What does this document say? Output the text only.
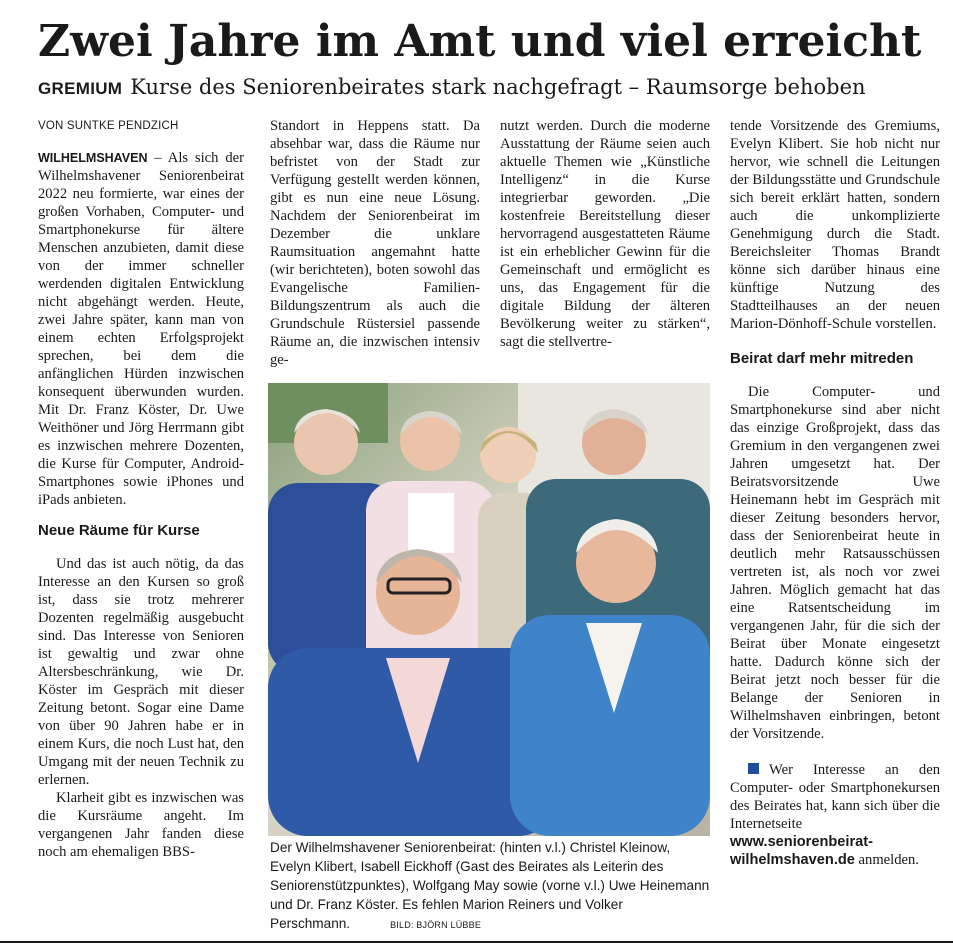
Zwei Jahre im Amt und viel erreicht
GREMIUM Kurse des Seniorenbeirates stark nachgefragt – Raumsorge behoben
VON SUNTKE PENDZICH

WILHELMSHAVEN – Als sich der Wilhelmshavener Seniorenbeirat 2022 neu formierte, war eines der großen Vorhaben, Computer- und Smartphonekurse für ältere Menschen anzubieten, damit diese von der immer schneller werdenden digitalen Entwicklung nicht abgehängt werden. Heute, zwei Jahre später, kann man von einem echten Erfolgsprojekt sprechen, bei dem die anfänglichen Hürden inzwischen konsequent überwunden wurden. Mit Dr. Franz Köster, Dr. Uwe Weithöner und Jörg Herrmann gibt es inzwischen mehrere Dozenten, die Kurse für Computer, Android-Smartphones sowie iPhones und iPads anbieten.

Neue Räume für Kurse

Und das ist auch nötig, da das Interesse an den Kursen so groß ist, dass sie trotz mehrerer Dozenten regelmäßig ausgebucht sind. Das Interesse von Senioren ist gewaltig und zwar ohne Altersbeschränkung, wie Dr. Köster im Gespräch mit dieser Zeitung betont. Sogar eine Dame von über 90 Jahren habe er in einem Kurs, die noch Lust hat, den Umgang mit der neuen Technik zu erlernen.

Klarheit gibt es inzwischen was die Kursräume angeht. Im vergangenen Jahr fanden diese noch am ehemaligen BBS-

Standort in Heppens statt. Da absehbar war, dass die Räume nur befristet von der Stadt zur Verfügung gestellt werden können, gibt es nun eine neue Lösung. Nachdem der Seniorenbeirat im Dezember die unklare Raumsituation angemahnt hatte (wir berichteten), boten sowohl das Evangelische Familien-Bildungszentrum als auch die Grundschule Rüstersiel passende Räume an, die inzwischen intensiv ge-

nutzt werden. Durch die moderne Ausstattung der Räume seien auch aktuelle Themen wie „Künstliche Intelligenz“ in die Kurse integrierbar geworden. „Die kostenfreie Bereitstellung dieser hervorragend ausgestatteten Räume ist ein erheblicher Gewinn für die Gemeinschaft und ermöglicht es uns, das Engagement für die digitale Bildung der älteren Bevölkerung weiter zu stärken“, sagt die stellvertre-

tende Vorsitzende des Gremiums, Evelyn Klibert. Sie hob nicht nur hervor, wie schnell die Leitungen der Bildungsstätte und Grundschule sich bereit erklärt hatten, sondern auch die unkomplizierte Genehmigung durch die Stadt. Bereichsleiter Thomas Brandt könne sich darüber hinaus eine künftige Nutzung des Stadtteilhauses an der neuen Marion-Dönhoff-Schule vorstellen.

Beirat darf mehr mitreden

Die Computer- und Smartphonekurse sind aber nicht das einzige Großprojekt, dass das Gremium in den vergangenen zwei Jahren umgesetzt hat. Der Beiratsvorsitzende Uwe Heinemann hebt im Gespräch mit dieser Zeitung besonders hervor, dass der Seniorenbeirat heute in deutlich mehr Ratsausschüssen vertreten ist, als noch vor zwei Jahren. Möglich gemacht hat das eine Ratsentscheidung im vergangenen Jahr, für die sich der Beirat über Monate eingesetzt hatte. Dadurch könne sich der Beirat jetzt noch besser für die Belange der Senioren in Wilhelmshaven einbringen, betont der Vorsitzende.

Wer Interesse an den Computer- oder Smartphonekursen des Beirates hat, kann sich über die Internetseite www.seniorenbeirat-wilhelmshaven.de anmelden.

Der Wilhelmshavener Seniorenbeirat: (hinten v.l.) Christel Kleinow, Evelyn Klibert, Isabell Eickhoff (Gast des Beirates als Leiterin des Seniorenstützpunktes), Wolfgang May sowie (vorne v.l.) Uwe Heinemann und Dr. Franz Köster. Es fehlen Marion Reiners und Volker Perschmann.	BILD: BJÖRN LÜBBE
